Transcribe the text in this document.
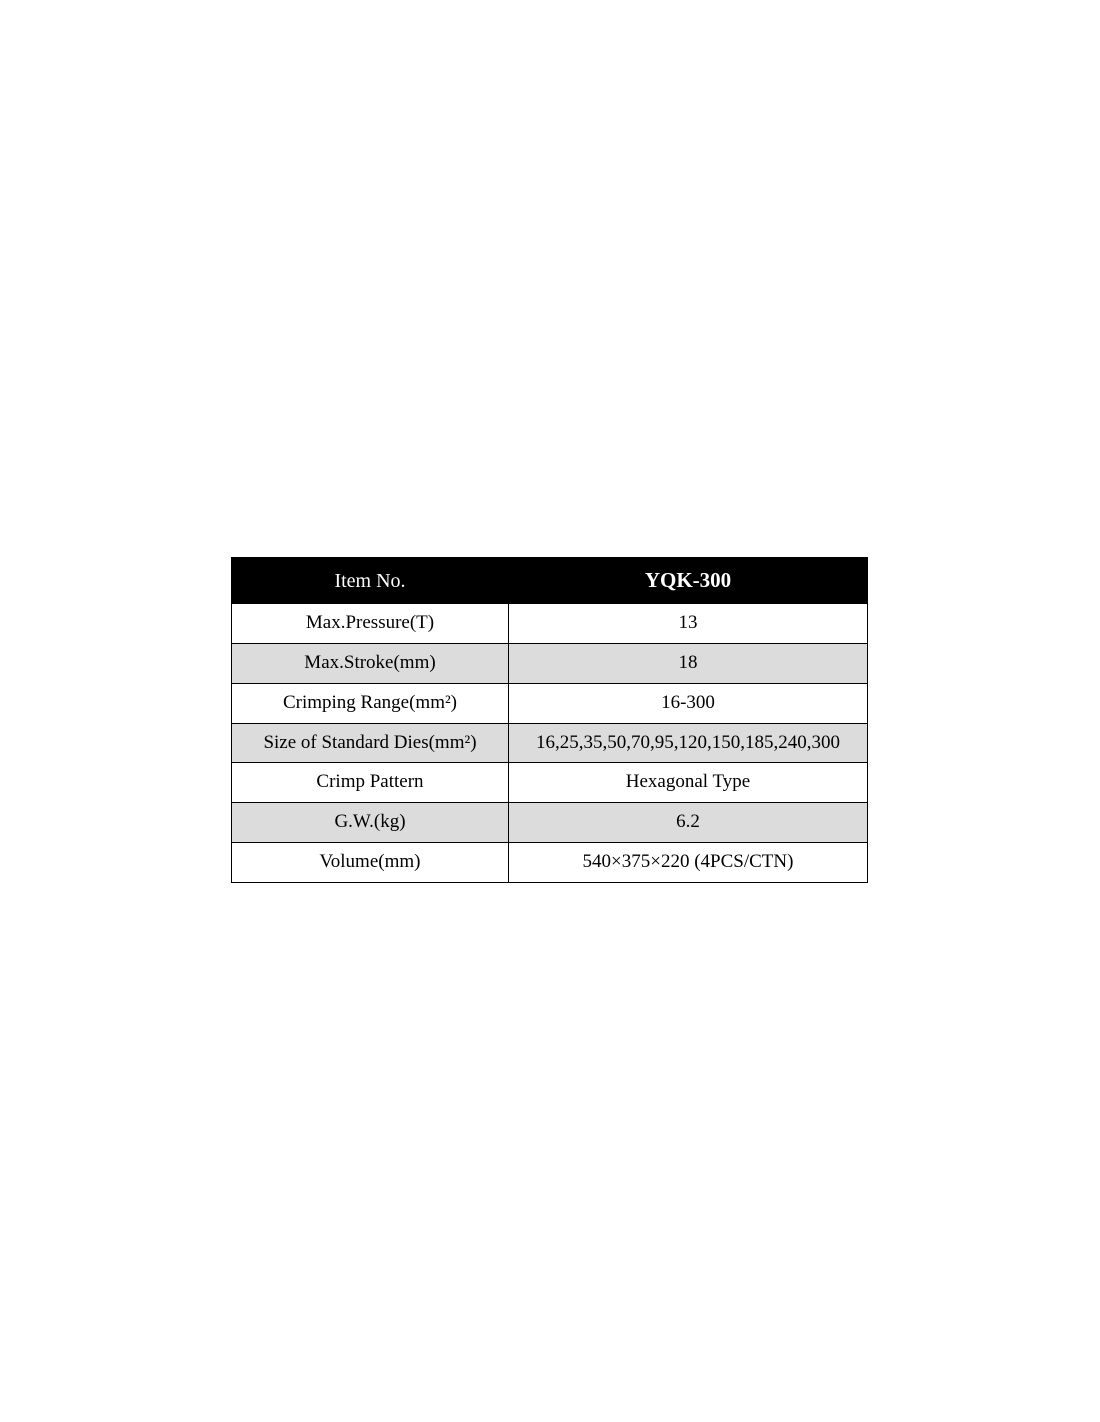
Item No.	YQK-300
Max.Pressure(T)	13
Max.Stroke(mm)	18
Crimping Range(mm²)	16-300
Size of Standard Dies(mm²)	16,25,35,50,70,95,120,150,185,240,300
Crimp Pattern	Hexagonal Type
G.W.(kg)	6.2
Volume(mm)	540×375×220 (4PCS/CTN)
